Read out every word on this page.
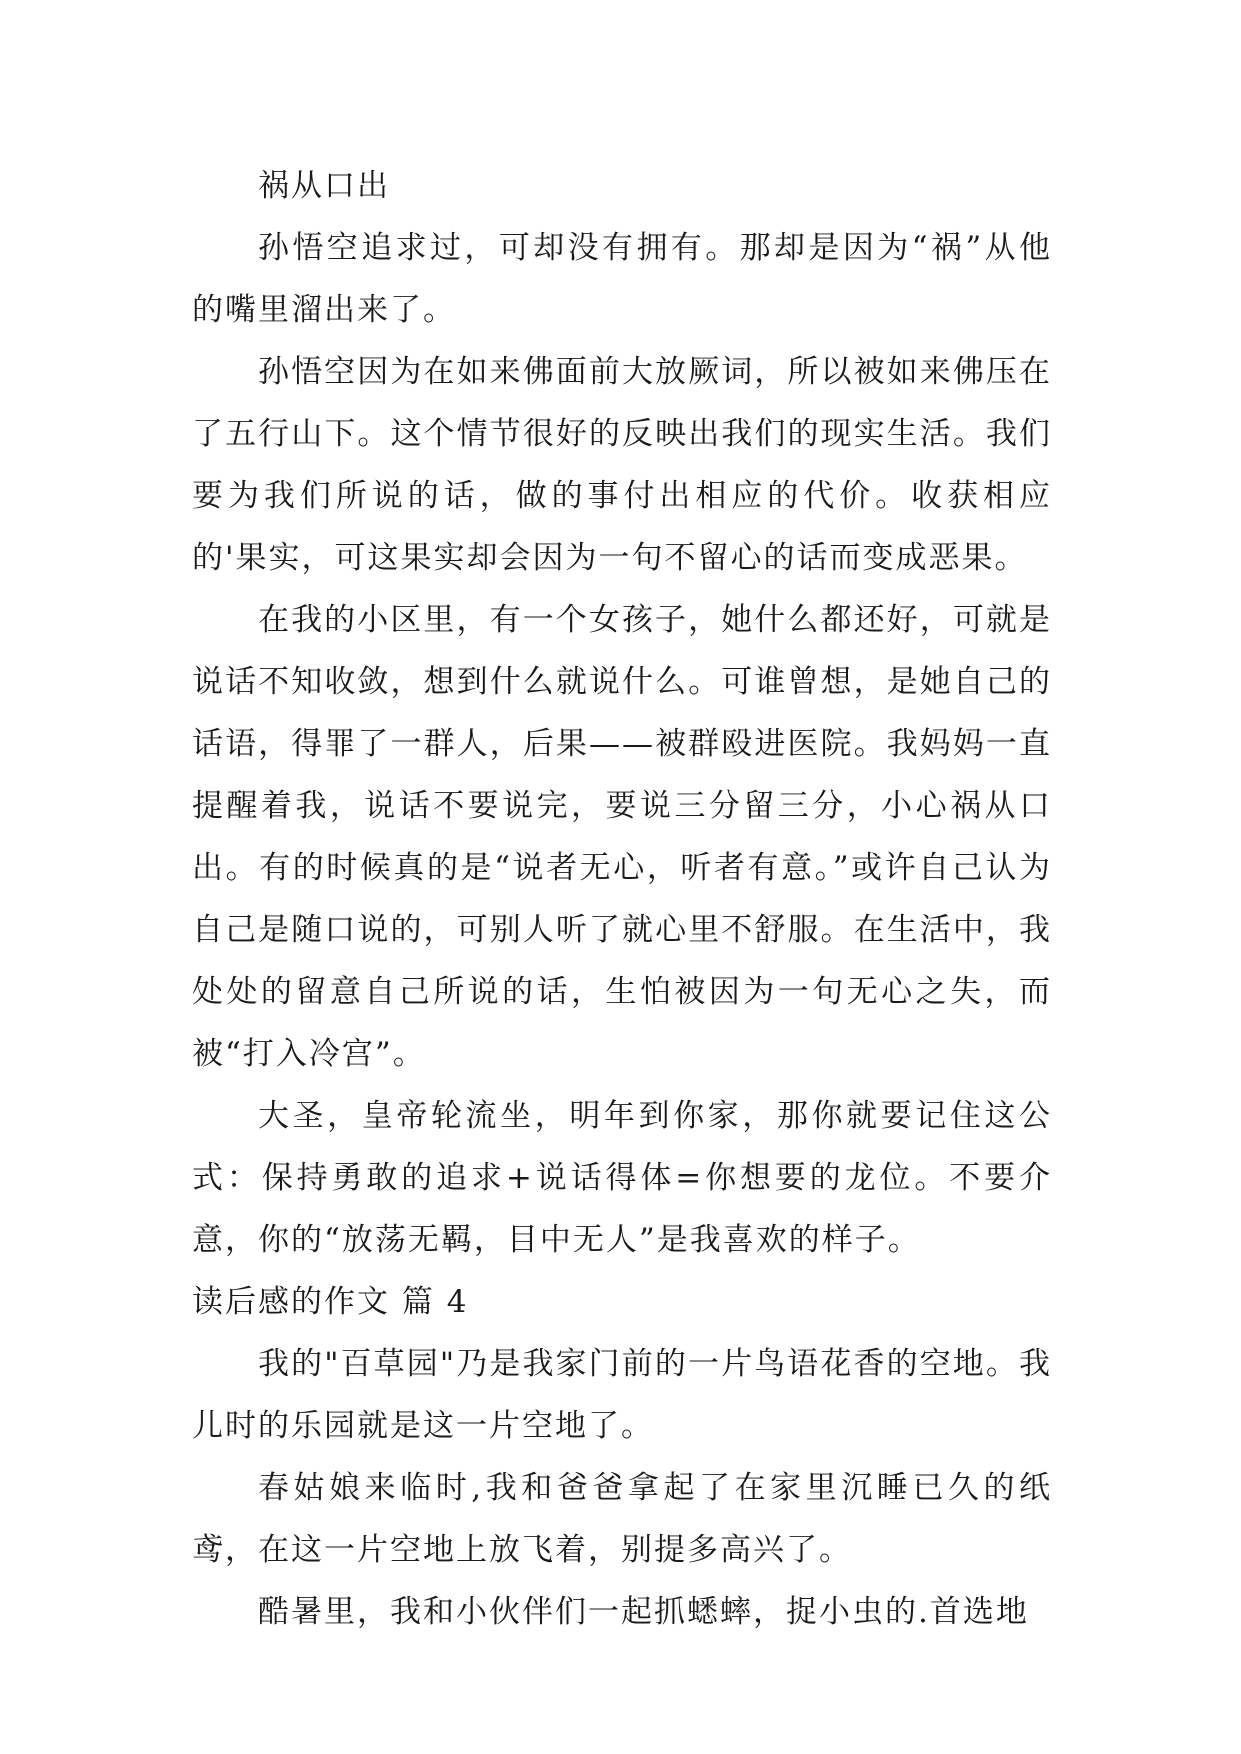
祸从口出

孙悟空追求过，可却没有拥有。那却是因为“祸”从他的嘴里溜出来了。

孙悟空因为在如来佛面前大放厥词，所以被如来佛压在了五行山下。这个情节很好的反映出我们的现实生活。我们要为我们所说的话，做的事付出相应的代价。收获相应的'果实，可这果实却会因为一句不留心的话而变成恶果。

在我的小区里，有一个女孩子，她什么都还好，可就是说话不知收敛，想到什么就说什么。可谁曾想，是她自己的话语，得罪了一群人，后果——被群殴进医院。我妈妈一直提醒着我，说话不要说完，要说三分留三分，小心祸从口出。有的时候真的是“说者无心，听者有意。”或许自己认为自己是随口说的，可别人听了就心里不舒服。在生活中，我处处的留意自己所说的话，生怕被因为一句无心之失，而被“打入冷宫”。

大圣，皇帝轮流坐，明年到你家，那你就要记住这公式：保持勇敢的追求+说话得体=你想要的龙位。不要介意，你的“放荡无羁，目中无人”是我喜欢的样子。

读后感的作文 篇 4

我的"百草园"乃是我家门前的一片鸟语花香的空地。我儿时的乐园就是这一片空地了。

春姑娘来临时,我和爸爸拿起了在家里沉睡已久的纸鸢，在这一片空地上放飞着，别提多高兴了。

酷暑里，我和小伙伴们一起抓蟋蟀，捉小虫的.首选地
